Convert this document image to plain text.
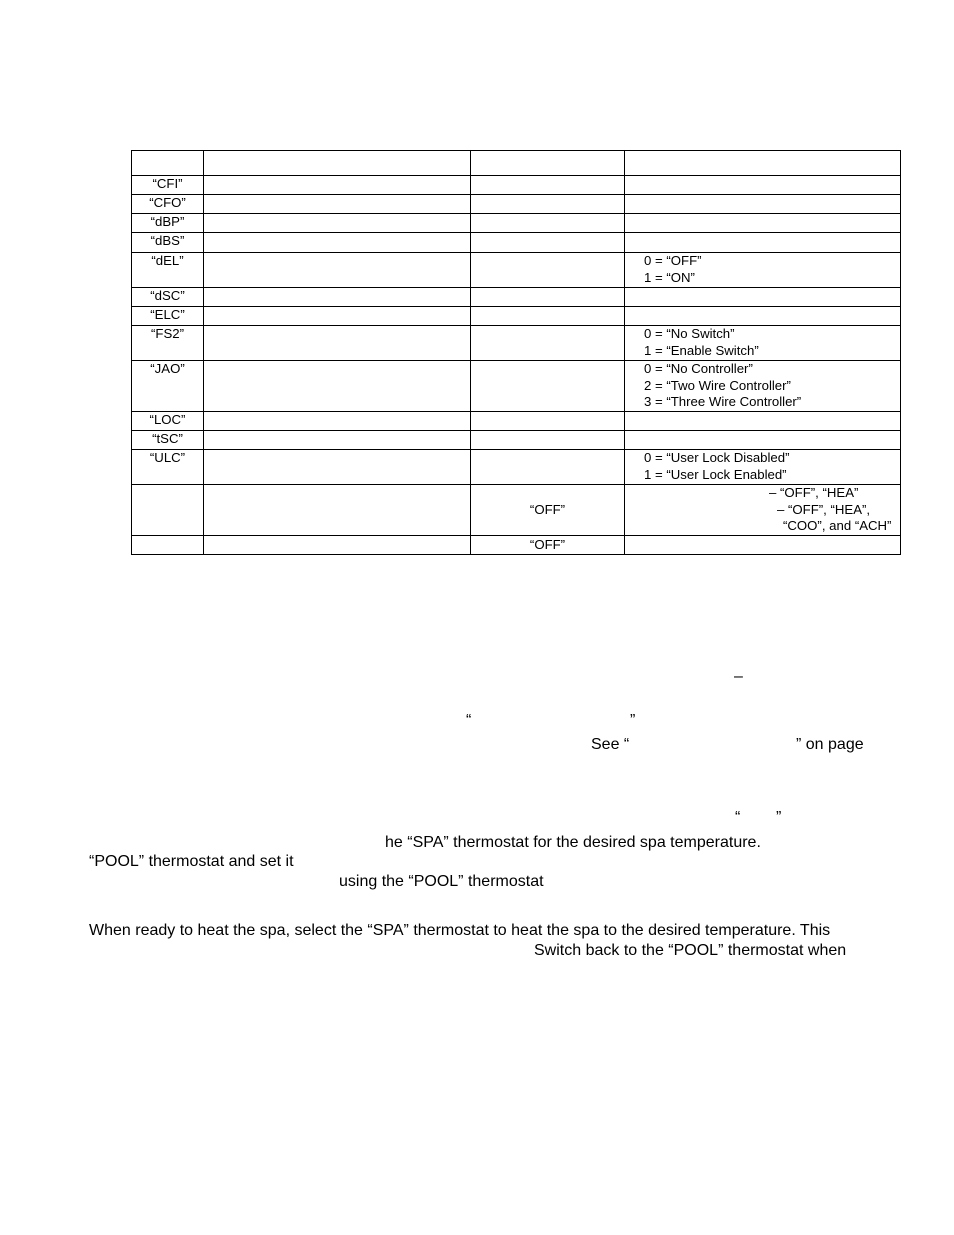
“CFI”			
“CFO”			
“dBP”			
“dBS”			
“dEL”			0 = “OFF”
1 = “ON”

“dSC”			
“ELC”			
“FS2”			0 = “No Switch”
1 = “Enable Switch”

“JAO”			0 = “No Controller”
2 = “Two Wire Controller”
3 = “Three Wire Controller”

“LOC”			
“tSC”			
“ULC”			0 = “User Lock Disabled”
1 = “User Lock Enabled”

		“OFF”	– “OFF”, “HEA”
– “OFF”, “HEA”,
“COO”, and “ACH”

		“OFF”	
–
“	”
See “	” on page
“ ”
he “SPA” thermostat for the desired spa temperature.
“POOL” thermostat and set it
using the “POOL” thermostat
When ready to heat the spa, select the “SPA” thermostat to heat the spa to the desired temperature. This
Switch back to the “POOL” thermostat when
